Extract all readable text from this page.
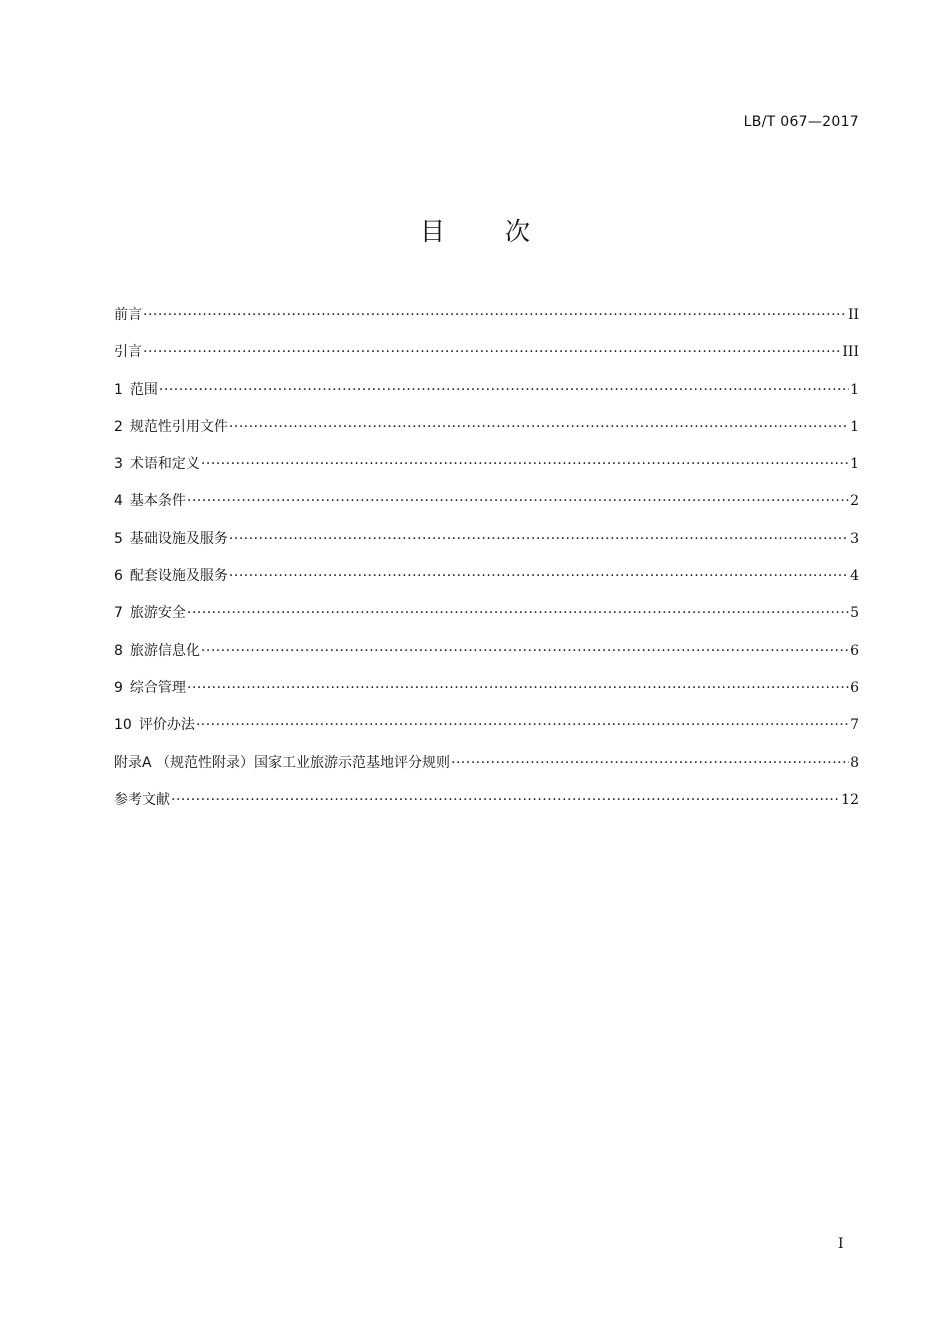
LB/T 067—2017
目 次
前言 ·····	II
引言 ·····	III
1 范围 ·····	1
2 规范性引用文件 ·····	1
3 术语和定义 ·····	1
4 基本条件 ·····	2
5 基础设施及服务 ·····	3
6 配套设施及服务 ·····	4
7 旅游安全 ·····	5
8 旅游信息化 ·····	6
9 综合管理 ·····	6
10 评价办法 ·····	7
附录A （规范性附录）国家工业旅游示范基地评分规则 ·····	8
参考文献 ·····	12
I
